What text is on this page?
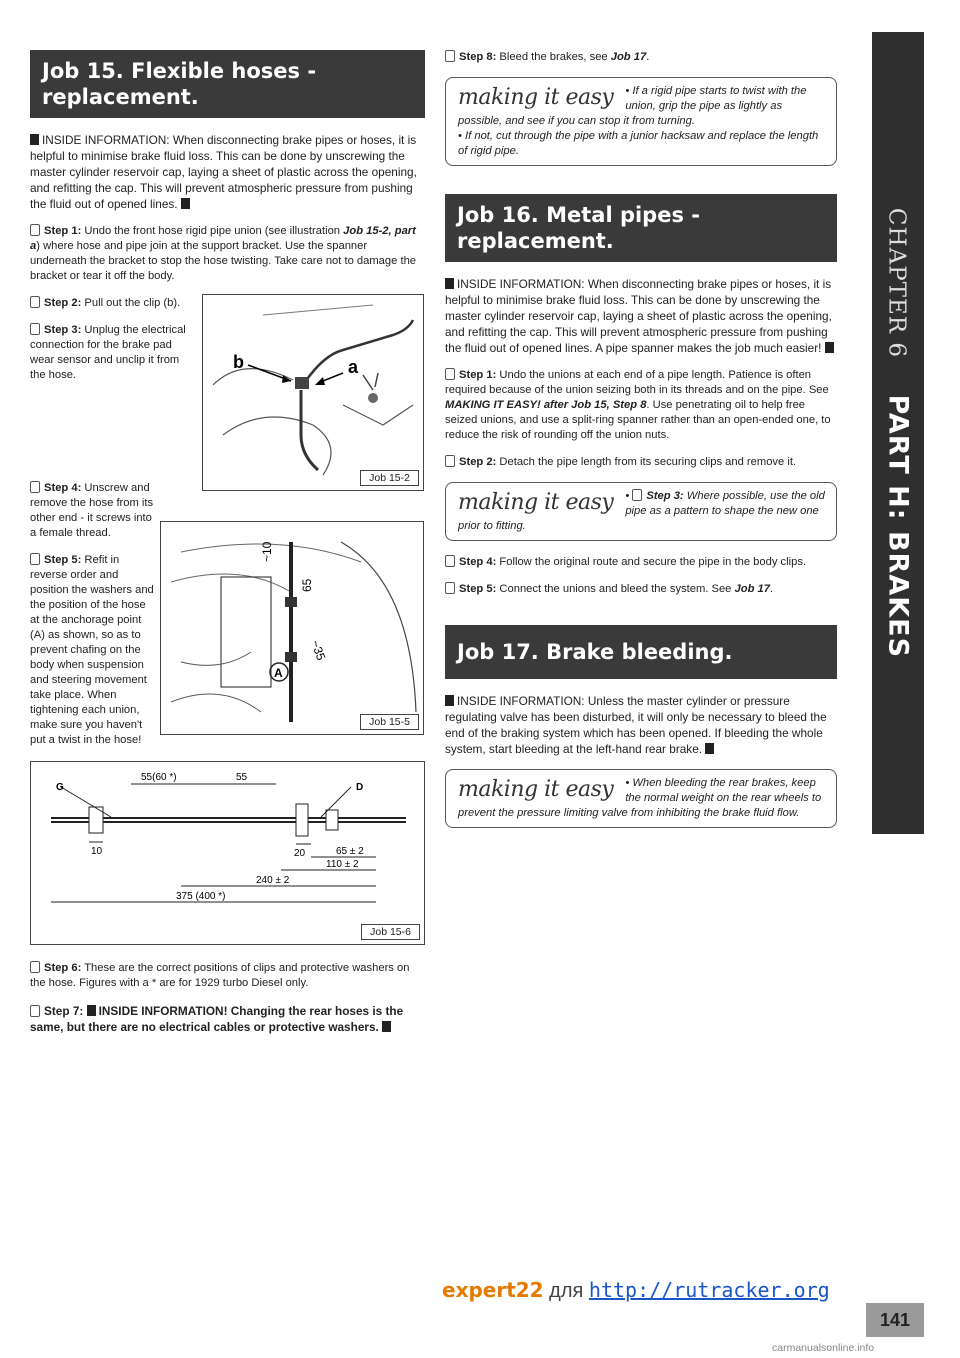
CHAPTER 6 PART H: BRAKES
Job 15. Flexible hoses - replacement.

INSIDE INFORMATION: When disconnecting brake pipes or hoses, it is helpful to minimise brake fluid loss. This can be done by unscrewing the master cylinder reservoir cap, laying a sheet of plastic across the opening, and refitting the cap. This will prevent atmospheric pressure from pushing the fluid out of opened lines.

Step 1: Undo the front hose rigid pipe union (see illustration Job 15-2, part a) where hose and pipe join at the support bracket. Use the spanner underneath the bracket to stop the hose twisting. Take care not to damage the bracket or tear it off the body.

Step 2: Pull out the clip (b).

Step 3: Unplug the electrical connection for the brake pad wear sensor and unclip it from the hose.

b	a
Job 15-2

Step 4: Unscrew and remove the hose from its other end - it screws into a female thread.

Step 5: Refit in reverse order and position the washers and the position of the hose at the anchorage point (A) as shown, so as to prevent chafing on the body when suspension and steering movement take place. When tightening each union, make sure you haven't put a twist in the hose!

A
~10
65
~35
Job 15-5
55(60 *)	55
G	D
10	20	65 ± 2
110 ± 2
240 ± 2
375 (400 *)
Job 15-6

Step 6: These are the correct positions of clips and protective washers on the hose. Figures with a * are for 1929 turbo Diesel only.

Step 7: INSIDE INFORMATION! Changing the rear hoses is the same, but there are no electrical cables or protective washers.

Step 8: Bleed the brakes, see Job 17.

making it easy	• If a rigid pipe starts to twist with the union, grip the pipe as lightly as possible, and see if you can stop it from turning.
• If not, cut through the pipe with a junior hacksaw and replace the length of rigid pipe.
Job 16. Metal pipes - replacement.

INSIDE INFORMATION: When disconnecting brake pipes or hoses, it is helpful to minimise brake fluid loss. This can be done by unscrewing the master cylinder reservoir cap, laying a sheet of plastic across the opening, and refitting the cap. This will prevent atmospheric pressure from pushing the fluid out of opened lines. A pipe spanner makes the job much easier!

Step 1: Undo the unions at each end of a pipe length. Patience is often required because of the union seizing both in its threads and on the pipe. See MAKING IT EASY! after Job 15, Step 8. Use penetrating oil to help free seized unions, and use a split-ring spanner rather than an open-ended one, to reduce the risk of rounding off the union nuts.

Step 2: Detach the pipe length from its securing clips and remove it.

making it easy	• Step 3: Where possible, use the old pipe as a pattern to shape the new one prior to fitting.

Step 4: Follow the original route and secure the pipe in the body clips.

Step 5: Connect the unions and bleed the system. See Job 17.

Job 17. Brake bleeding.

INSIDE INFORMATION: Unless the master cylinder or pressure regulating valve has been disturbed, it will only be necessary to bleed the end of the braking system which has been opened. If bleeding the whole system, start bleeding at the left-hand rear brake.

making it easy	• When bleeding the rear brakes, keep the normal weight on the rear wheels to prevent the pressure limiting valve from inhibiting the brake fluid flow.
expert22 для http://rutracker.org
141
carmanualsonline.info
